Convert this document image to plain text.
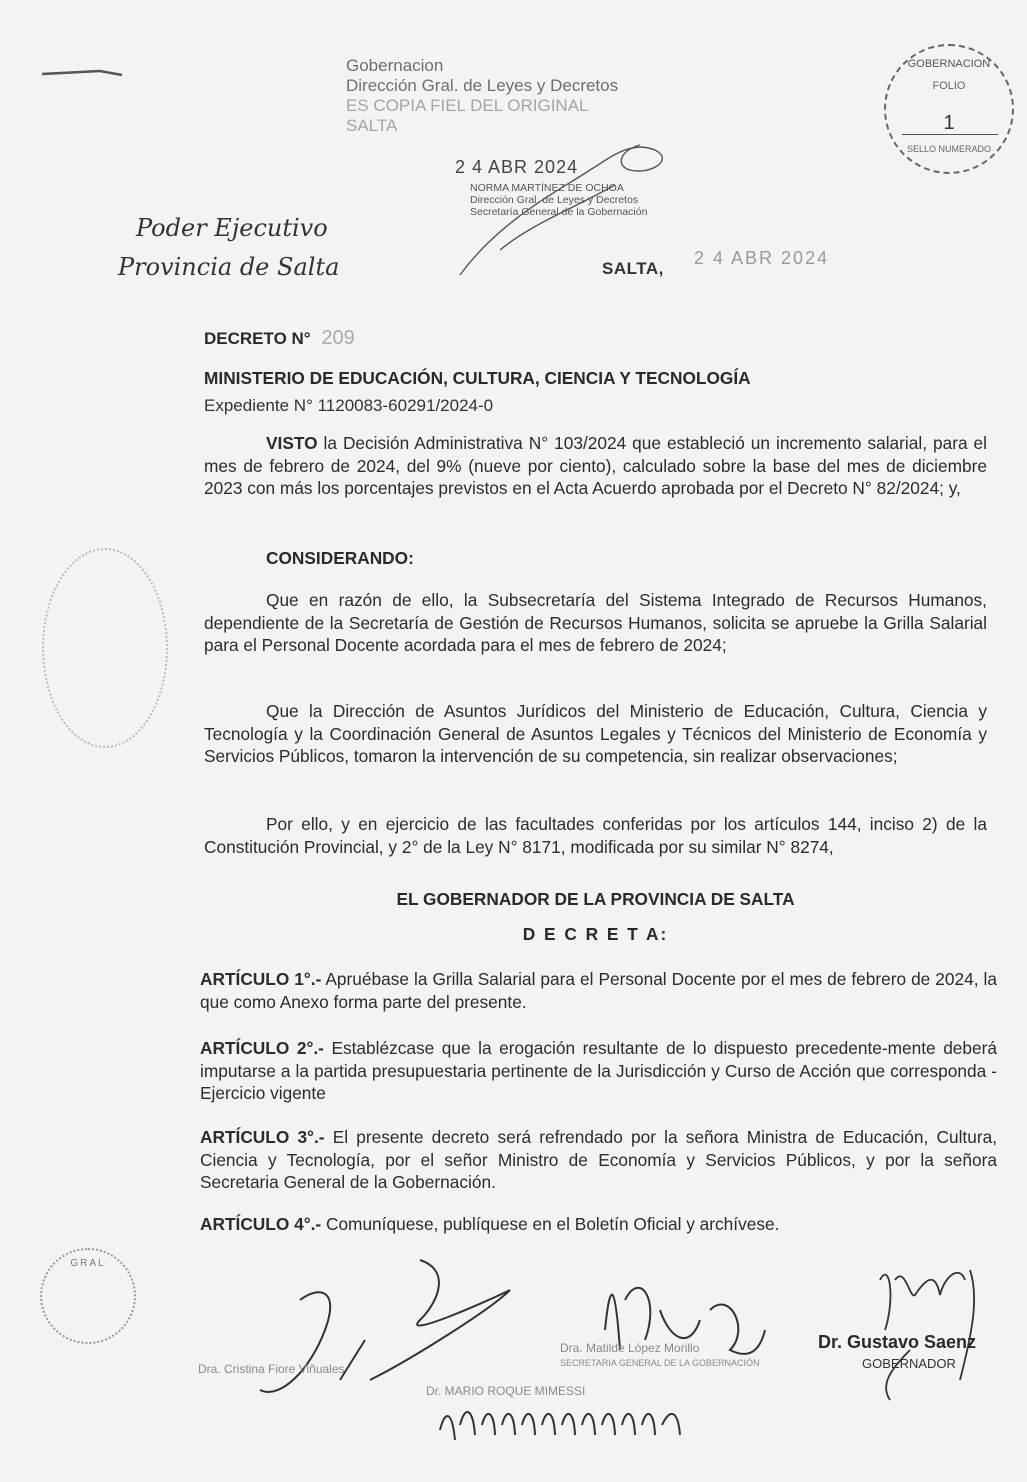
Gobernacion
Dirección Gral. de Leyes y Decretos
ES COPIA FIEL DEL ORIGINAL
SALTA
2 4 ABR 2024
NORMA MARTÍNEZ DE OCHOA
Dirección Gral. de Leyes y Decretos
Secretaría General de la Gobernación
GOBERNACION
FOLIO
1
SELLO NUMERADO
Poder Ejecutivo
Provincia de Salta	SALTA,
2 4 ABR 2024
DECRETO N° 209
MINISTERIO DE EDUCACIÓN, CULTURA, CIENCIA Y TECNOLOGÍA
Expediente N° 1120083-60291/2024-0
VISTO la Decisión Administrativa N° 103/2024 que estableció un incremento salarial, para el mes de febrero de 2024, del 9% (nueve por ciento), calculado sobre la base del mes de diciembre 2023 con más los porcentajes previstos en el Acta Acuerdo aprobada por el Decreto N° 82/2024; y,
CONSIDERANDO:
Que en razón de ello, la Subsecretaría del Sistema Integrado de Recursos Humanos, dependiente de la Secretaría de Gestión de Recursos Humanos, solicita se apruebe la Grilla Salarial para el Personal Docente acordada para el mes de febrero de 2024;
Que la Dirección de Asuntos Jurídicos del Ministerio de Educación, Cultura, Ciencia y Tecnología y la Coordinación General de Asuntos Legales y Técnicos del Ministerio de Economía y Servicios Públicos, tomaron la intervención de su competencia, sin realizar observaciones;
Por ello, y en ejercicio de las facultades conferidas por los artículos 144, inciso 2) de la Constitución Provincial, y 2° de la Ley N° 8171, modificada por su similar N° 8274,
EL GOBERNADOR DE LA PROVINCIA DE SALTA
D E C R E T A:
ARTÍCULO 1°.- Apruébase la Grilla Salarial para el Personal Docente por el mes de febrero de 2024, la que como Anexo forma parte del presente.
ARTÍCULO 2°.- Establézcase que la erogación resultante de lo dispuesto precedente-mente deberá imputarse a la partida presupuestaria pertinente de la Jurisdicción y Curso de Acción que corresponda - Ejercicio vigente
ARTÍCULO 3°.- El presente decreto será refrendado por la señora Ministra de Educación, Cultura, Ciencia y Tecnología, por el señor Ministro de Economía y Servicios Públicos, y por la señora Secretaria General de la Gobernación.
ARTÍCULO 4°.- Comuníquese, publíquese en el Boletín Oficial y archívese.
GRAL
Dra. Cristina Fiore Viñuales
Dra. Matilde López Morillo
SECRETARIA GENERAL DE LA GOBERNACIÓN
Dr. MARIO ROQUE MIMESSI
Dr. Gustavo Saenz
GOBERNADOR
